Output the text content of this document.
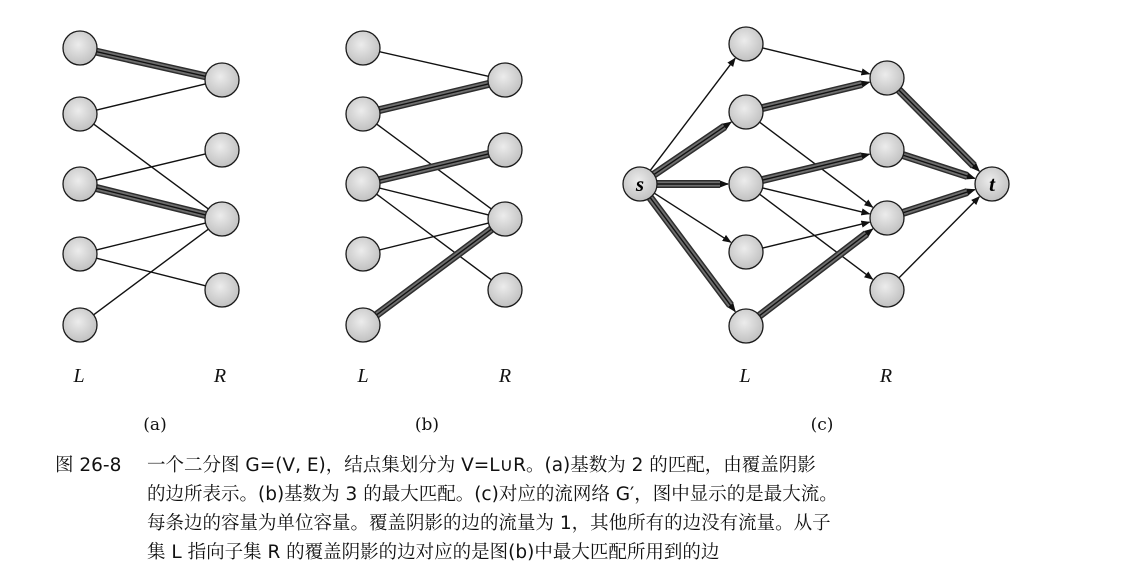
L	R
(a)
L	R
(b)
s	t
L	R
(c)
图 26-8 一个二分图 G=(V, E)，结点集划分为 V=L∪R。(a)基数为 2 的匹配，由覆盖阴影
的边所表示。(b)基数为 3 的最大匹配。(c)对应的流网络 G′，图中显示的是最大流。
每条边的容量为单位容量。覆盖阴影的边的流量为 1，其他所有的边没有流量。从子
集 L 指向子集 R 的覆盖阴影的边对应的是图(b)中最大匹配所用到的边
